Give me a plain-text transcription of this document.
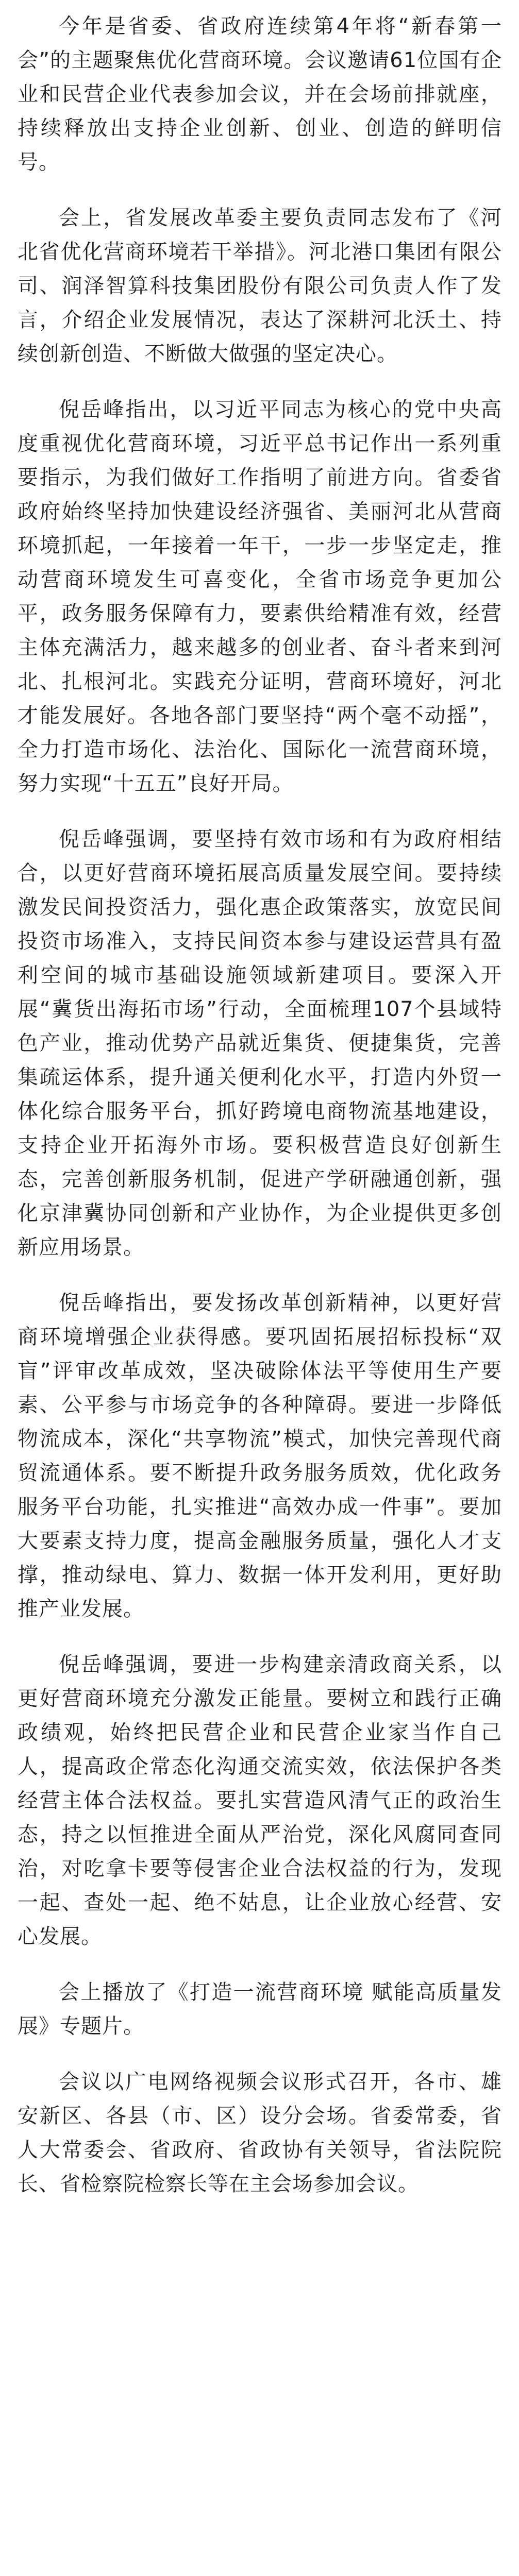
今年是省委、省政府连续第4年将“新春第一会”的主题聚焦优化营商环境。会议邀请61位国有企业和民营企业代表参加会议，并在会场前排就座，持续释放出支持企业创新、创业、创造的鲜明信号。

会上，省发展改革委主要负责同志发布了《河北省优化营商环境若干举措》。河北港口集团有限公司、润泽智算科技集团股份有限公司负责人作了发言，介绍企业发展情况，表达了深耕河北沃土、持续创新创造、不断做大做强的坚定决心。

倪岳峰指出，以习近平同志为核心的党中央高度重视优化营商环境，习近平总书记作出一系列重要指示，为我们做好工作指明了前进方向。省委省政府始终坚持加快建设经济强省、美丽河北从营商环境抓起，一年接着一年干，一步一步坚定走，推动营商环境发生可喜变化，全省市场竞争更加公平，政务服务保障有力，要素供给精准有效，经营主体充满活力，越来越多的创业者、奋斗者来到河北、扎根河北。实践充分证明，营商环境好，河北才能发展好。各地各部门要坚持“两个毫不动摇”，全力打造市场化、法治化、国际化一流营商环境，努力实现“十五五”良好开局。

倪岳峰强调，要坚持有效市场和有为政府相结合，以更好营商环境拓展高质量发展空间。要持续激发民间投资活力，强化惠企政策落实，放宽民间投资市场准入，支持民间资本参与建设运营具有盈利空间的城市基础设施领域新建项目。要深入开展“冀货出海拓市场”行动，全面梳理107个县域特色产业，推动优势产品就近集货、便捷集货，完善集疏运体系，提升通关便利化水平，打造内外贸一体化综合服务平台，抓好跨境电商物流基地建设，支持企业开拓海外市场。要积极营造良好创新生态，完善创新服务机制，促进产学研融通创新，强化京津冀协同创新和产业协作，为企业提供更多创新应用场景。

倪岳峰指出，要发扬改革创新精神，以更好营商环境增强企业获得感。要巩固拓展招标投标“双盲”评审改革成效，坚决破除体法平等使用生产要素、公平参与市场竞争的各种障碍。要进一步降低物流成本，深化“共享物流”模式，加快完善现代商贸流通体系。要不断提升政务服务质效，优化政务服务平台功能，扎实推进“高效办成一件事”。要加大要素支持力度，提高金融服务质量，强化人才支撑，推动绿电、算力、数据一体开发利用，更好助推产业发展。

倪岳峰强调，要进一步构建亲清政商关系，以更好营商环境充分激发正能量。要树立和践行正确政绩观，始终把民营企业和民营企业家当作自己人，提高政企常态化沟通交流实效，依法保护各类经营主体合法权益。要扎实营造风清气正的政治生态，持之以恒推进全面从严治党，深化风腐同查同治，对吃拿卡要等侵害企业合法权益的行为，发现一起、查处一起、绝不姑息，让企业放心经营、安心发展。

会上播放了《打造一流营商环境 赋能高质量发展》专题片。

会议以广电网络视频会议形式召开，各市、雄安新区、各县（市、区）设分会场。省委常委，省人大常委会、省政府、省政协有关领导，省法院院长、省检察院检察长等在主会场参加会议。
